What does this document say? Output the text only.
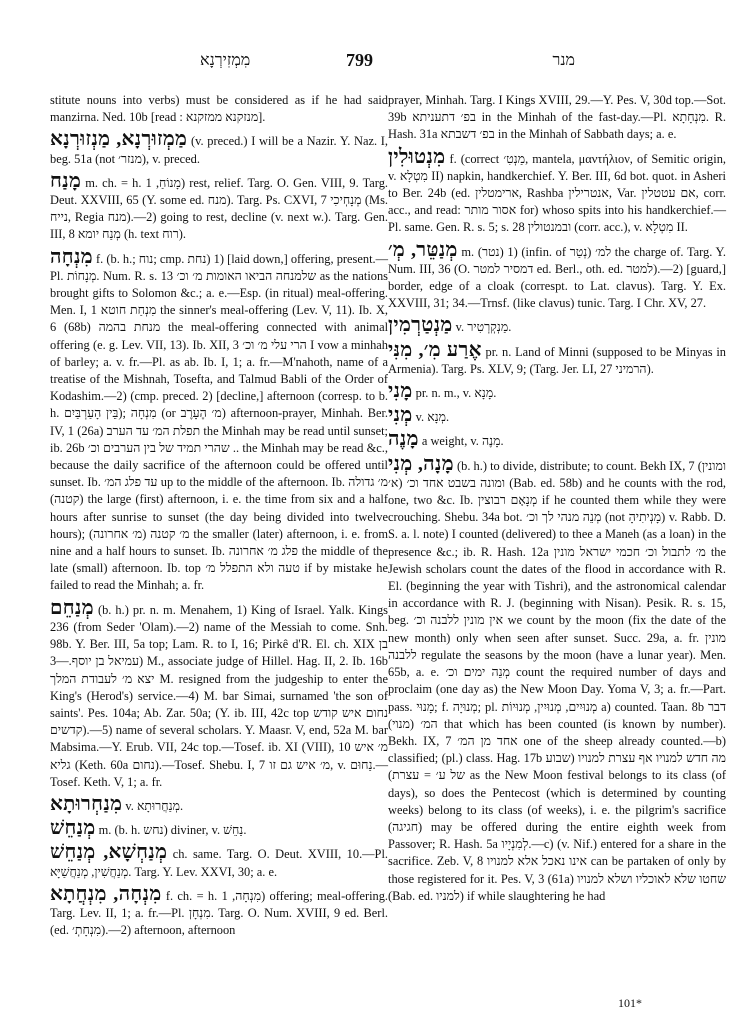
מִמְזִירְנָא	799	מנר

stitute nouns into verbs) must be considered as if he had said manzirna. Ned. 10b [read : מנזקנא ממזקנא].

מַמְזוּרְנָא, מַנְזוּרְנָא (v. preced.) I will be a Nazir. Y. Naz. I, beg. 51a (not מנזר׳), v. preced.

מָנַח m. ch. = h. מָנוֹחַ, 1) rest, relief. Targ. O. Gen. VIII, 9. Targ. Deut. XXVIII, 65 (Y. some ed. מנח). Targ. Ps. CXVI, 7 מְנָחְיכִי (Ms. נייח, Regia מנח).—2) going to rest, decline (v. next w.). Targ. Gen. III, 8 מְנַח יומא (h. text רוח).

מִנְחָה f. (b. h.; נוח; cmp. נחת) 1) [laid down,] offering, present.—Pl. מְנָחוֹת. Num. R. s. 13 שלמנחה הביאו האומות מ׳ וכ׳ as the nations brought gifts to Solomon &c.; a. e.—Esp. (in ritual) meal-offering. Men. I, 1 מִנְחַת חוטא the sinner's meal-offering (Lev. V, 11). Ib. X, 6 (68b) מנחת בהמה the meal-offering connected with animal offering (e. g. Lev. VII, 13). Ib. XII, 3 הרי עלי מ׳ וכ׳ I vow a minhah of barley; a. v. fr.—Pl. as ab. Ib. I, 1; a. fr.—M'nahoth, name of a treatise of the Mishnah, Tosefta, and Talmud Babli of the Order of Kodashim.—2) (cmp. preced. 2) [decline,] afternoon (corresp. to b. h. בֵּין הָעַרְבַּיִם); מִנְחָה (or מ׳ הֶעָרֶב) afternoon-prayer, Minhah. Ber. IV, 1 (26a) תפלת המ׳ עד הערב the Minhah may be read until sunset; ib. 26b שהרי תמיד של בין הערבים וכ׳ .. the Minhah may be read &c., because the daily sacrifice of the afternoon could be offered until sunset. Ib. עד פלג המ׳ up to the middle of the afternoon. Ib. מ׳ גדולה (קטנה) the large (first) afternoon, i. e. the time from six and a half hours after sunrise to sunset (the day being divided into twelve hours); מ׳ קטנה (מ׳ אחרונה) the smaller (later) afternoon, i. e. from nine and a half hours to sunset. Ib. פלג מ׳ אחרונה the middle of the late (small) afternoon. Ib. top טעה ולא התפלל מ׳ if by mistake he failed to read the Minhah; a. fr.

מְנַחֵם (b. h.) pr. n. m. Menahem, 1) King of Israel. Yalk. Kings 236 (from Seder 'Olam).—2) name of the Messiah to come. Snh. 98b. Y. Ber. III, 5a top; Lam. R. to I, 16; Pirkê d'R. El. ch. XIX בן עמיאל בן יוסף.—3) M., associate judge of Hillel. Hag. II, 2. Ib. 16b יצא מ׳ לעבודת המלך M. resigned from the judgeship to enter the King's (Herod's) service.—4) M. bar Simai, surnamed 'the son of saints'. Pes. 104a; Ab. Zar. 50a; (Y. ib. III, 42c top נחום איש קודש קדשים).—5) name of several scholars. Y. Maasr. V, end, 52a M. bar Mabsima.—Y. Erub. VII, 24c top.—Tosef. ib. XI (VIII), 10 מ׳ איש גליא (Keth. 60a נחום).—Tosef. Shebu. I, 7 מ׳ איש גם זו, v. נַחוּם.—Tosef. Keth. V, 1; a. fr.

מִנַחְרוּתָא v. מְנַחֲרוּתָא.

מְנַחֵשׁ m. (b. h. נחש) diviner, v. נַחֵשׁ.

מְנַחְשָׁא, מְנַחֵשׁ ch. same. Targ. O. Deut. XVIII, 10.—Pl. מְנַחֲשִׁין, מְנַחֲשַׁיָּא. Targ. Y. Lev. XXVI, 30; a. e.

מִנְחָה, מִנְחֲתָא f. ch. = h. מִנְחָה, 1) offering; meal-offering. Targ. Lev. II, 1; a. fr.—Pl. מִנְחָן. Targ. O. Num. XVIII, 9 ed. Berl. (ed. מִנְחָתְ׳).—2) afternoon, afternoon

prayer, Minhah. Targ. I Kings XVIII, 29.—Y. Pes. V, 30d top.—Sot. 39b בפ׳ דתעניתא in the Minhah of the fast-day.—Pl. מִנְחָתָא. R. Hash. 31a בפ׳ דשבתא in the Minhah of Sabbath days; a. e.

מִנְטוּלִין f. (correct מַנְטִ׳, mantela, μαντήλιον, of Semitic origin, v. מִטְלָא II) napkin, handkerchief. Y. Ber. III, 6d bot. quot. in Asheri to Ber. 24b (ed. ארימטלין, Rashba אנטרילין, Var. אם עטטלין, corr. acc., and read: אסור מותר for) whoso spits into his handkerchief.—Pl. same. Gen. R. s. 5; s. 28 ובמנטולין (corr. acc.), v. מִטְלָא II.

מְנַטֵּר, מְ׳ m. (נטר) 1) (infin. of נְטַר) למ׳ the charge of. Targ. Y. Num. III, 36 (O. דמסיר למטר ed. Berl., oth. ed. למטר).—2) [guard,] border, edge of a cloak (correspt. to Lat. clavus). Targ. Y. Ex. XXVIII, 31; 34.—Trnsf. (like clavus) tunic. Targ. I Chr. XV, 27.

מַנְטַרְמִין v. מַנְקְרְטִיר.

אֶרַע מִ׳, מִנִּי pr. n. Land of Minni (supposed to be Minyas in Armenia). Targ. Ps. XLV, 9; (Targ. Jer. LI, 27 הרמיני).

מָנִי pr. n. m., v. מָנָא.

מְנִי v. מְנָא.

מָנֶה a weight, v. מָנֶה.

מָנָה, מְנִי (b. h.) to divide, distribute; to count. Bekh IX, 7 (ומונין א׳) ומונה בשבט אחד וכ׳ (Bab. ed. 58b) and he counts with the rod, one, two &c. Ib. מְנָאָם רבוצין if he counted them while they were crouching. Shebu. 34a bot. מְנֵה מנהי לך וכ׳ (not מָנְיתִיהָ) v. Rabb. D. S. a. l. note) I counted (delivered) to thee a Maneh (as a loan) in the presence &c.; ib. R. Hash. 12a מ׳ לתבול וכ׳ חכמי ישראל מונין the Jewish scholars count the dates of the flood in accordance with R. El. (beginning the year with Tishri), and the astronomical calendar in accordance with R. J. (beginning with Nisan). Pesik. R. s. 15, beg. אין מונין ללבנה וכ׳ we count by the moon (fix the date of the new month) only when seen after sunset. Succ. 29a, a. fr. מונין ללבנה regulate the seasons by the moon (have a lunar year). Men. 65b, a. e. מְנֵה ימים וכ׳ count the required number of days and proclaim (one day as) the New Moon Day. Yoma V, 3; a. fr.—Part. pass. מָנוּי; f. מְנוּיָה; pl. מְנוּיִים, מְנוּיִין, מְנוּיוֹת a) counted. Taan. 8b דבר המ׳ (מנוי) that which has been counted (is known by number). Bekh. IX, 7 אחד מן המ׳ one of the sheep already counted.—b) classified; (pl.) class. Hag. 17b מה חדש למנויו אף עצרת למנויו (שבוע של ע׳ = עצרת) as the New Moon festival belongs to its class (of days), so does the Pentecost (which is determined by counting weeks) belong to its class (of weeks), i. e. the pilgrim's sacrifice (חגיגה) may be offered during the entire eighth week from Passover; R. Hash. 5a לְמִנְיָיו.—c) (v. Nif.) entered for a share in the sacrifice. Zeb. V, 8 אינו נאכל אלא למנויו can be partaken of only by those registered for it. Pes. V, 3 (61a) שחטו שלא לאוכליו ושלא למנויו (Bab. ed. למניו) if while slaughtering he had

101*
